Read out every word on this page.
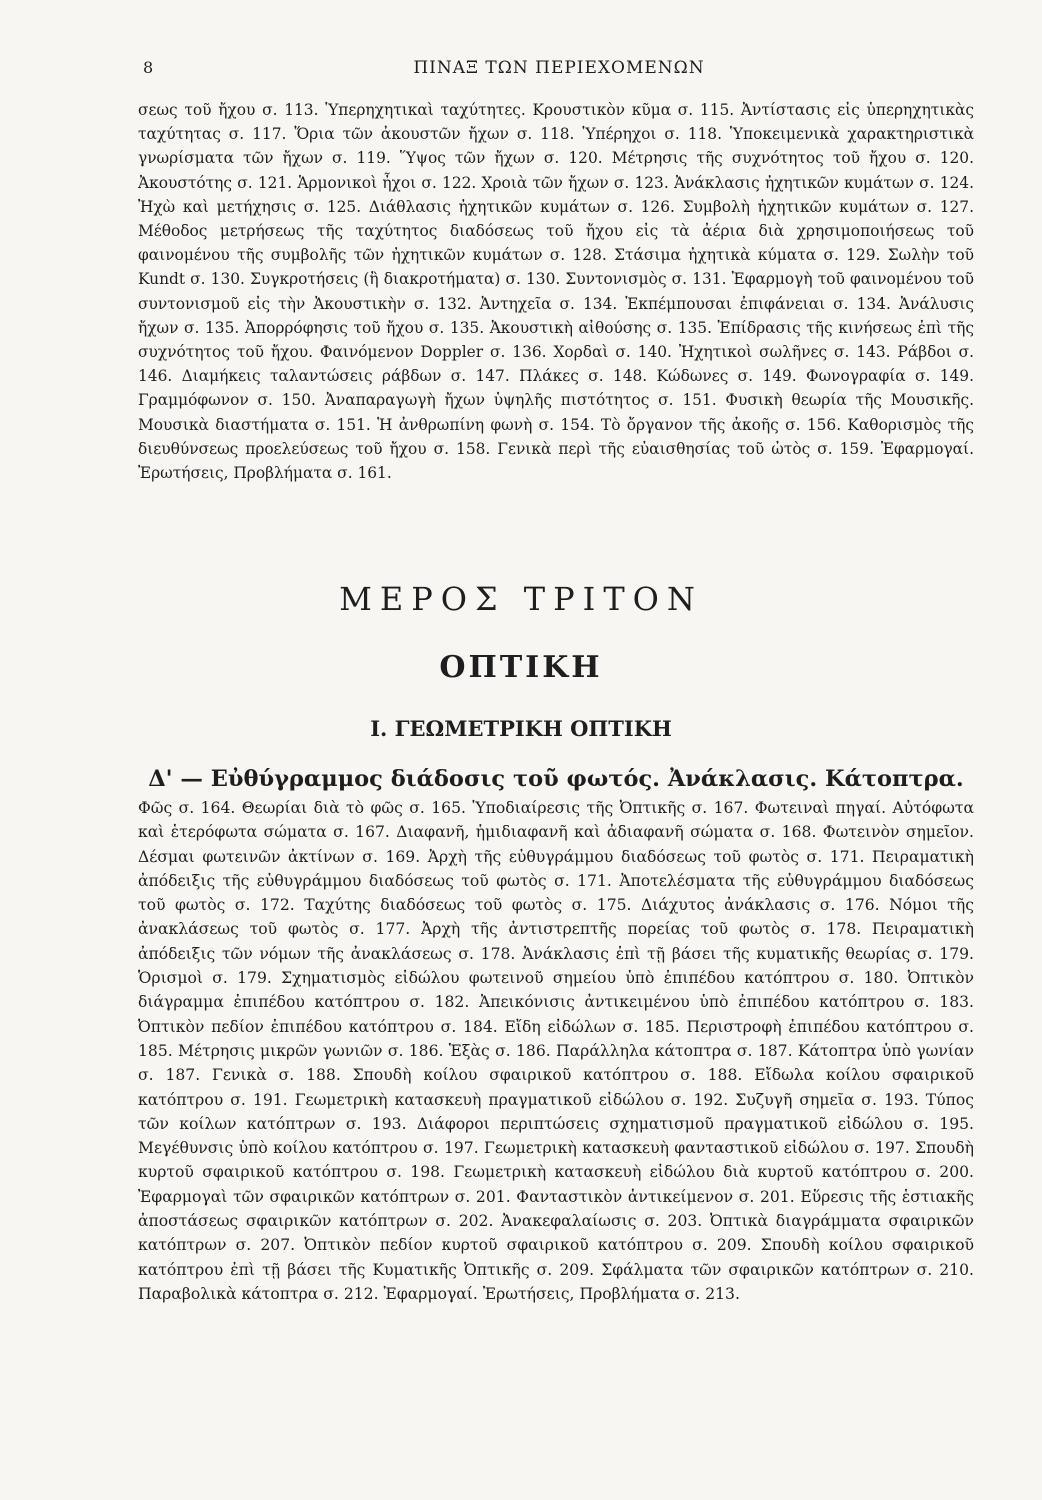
8	ΠΙΝΑΞ ΤΩΝ ΠΕΡΙΕΧΟΜΕΝΩΝ

σεως τοῦ ἤχου σ. 113. Ὑπερηχητικαὶ ταχύτητες. Κρουστικὸν κῦμα σ. 115. Ἀντίστασις εἰς ὑπερηχητικὰς ταχύτητας σ. 117. Ὅρια τῶν ἀκουστῶν ἤχων σ. 118. Ὑπέρηχοι σ. 118. Ὑποκειμενικὰ χαρακτηριστικὰ γνωρίσματα τῶν ἤχων σ. 119. Ὕψος τῶν ἤχων σ. 120. Μέτρησις τῆς συχνότητος τοῦ ἤχου σ. 120. Ἀκουστότης σ. 121. Ἁρμονικοὶ ἦχοι σ. 122. Χροιὰ τῶν ἤχων σ. 123. Ἀνάκλασις ἠχητικῶν κυμάτων σ. 124. Ἠχὼ καὶ μετήχησις σ. 125. Διάθλασις ἠχητικῶν κυμάτων σ. 126. Συμβολὴ ἠχητικῶν κυμάτων σ. 127. Μέθοδος μετρήσεως τῆς ταχύτητος διαδόσεως τοῦ ἤχου εἰς τὰ ἀέρια διὰ χρησιμοποιήσεως τοῦ φαινομένου τῆς συμβολῆς τῶν ἠχητικῶν κυμάτων σ. 128. Στάσιμα ἠχητικὰ κύματα σ. 129. Σωλὴν τοῦ Kundt σ. 130. Συγκροτήσεις (ἢ διακροτήματα) σ. 130. Συντονισμὸς σ. 131. Ἐφαρμογὴ τοῦ φαινομένου τοῦ συντονισμοῦ εἰς τὴν Ἀκουστικὴν σ. 132. Ἀντηχεῖα σ. 134. Ἐκπέμπουσαι ἐπιφάνειαι σ. 134. Ἀνάλυσις ἤχων σ. 135. Ἀπορρόφησις τοῦ ἤχου σ. 135. Ἀκουστικὴ αἰθούσης σ. 135. Ἐπίδρασις τῆς κινήσεως ἐπὶ τῆς συχνότητος τοῦ ἤχου. Φαινόμενον Doppler σ. 136. Χορδαὶ σ. 140. Ἠχητικοὶ σωλῆνες σ. 143. Ράβδοι σ. 146. Διαμήκεις ταλαντώσεις ράβδων σ. 147. Πλάκες σ. 148. Κώδωνες σ. 149. Φωνογραφία σ. 149. Γραμμόφωνον σ. 150. Ἀναπαραγωγὴ ἤχων ὑψηλῆς πιστότητος σ. 151. Φυσικὴ θεωρία τῆς Μουσικῆς. Μουσικὰ διαστήματα σ. 151. Ἡ ἀνθρωπίνη φωνὴ σ. 154. Τὸ ὄργανον τῆς ἀκοῆς σ. 156. Καθορισμὸς τῆς διευθύνσεως προελεύσεως τοῦ ἤχου σ. 158. Γενικὰ περὶ τῆς εὐαισθησίας τοῦ ὠτὸς σ. 159. Ἐφαρμογαί. Ἐρωτήσεις, Προβλήματα σ. 161.

ΜΕΡΟΣ ΤΡΙΤΟΝ
ΟΠΤΙΚΗ
Ι. ΓΕΩΜΕΤΡΙΚΗ ΟΠΤΙΚΗ
Δ' — Εὐθύγραμμος διάδοσις τοῦ φωτός. Ἀνάκλασις. Κάτοπτρα.

Φῶς σ. 164. Θεωρίαι διὰ τὸ φῶς σ. 165. Ὑποδιαίρεσις τῆς Ὀπτικῆς σ. 167. Φωτειναὶ πηγαί. Αὐτόφωτα καὶ ἑτερόφωτα σώματα σ. 167. Διαφανῆ, ἡμιδιαφανῆ καὶ ἀδιαφανῆ σώματα σ. 168. Φωτεινὸν σημεῖον. Δέσμαι φωτεινῶν ἀκτίνων σ. 169. Ἀρχὴ τῆς εὐθυγράμμου διαδόσεως τοῦ φωτὸς σ. 171. Πειραματικὴ ἀπόδειξις τῆς εὐθυγράμμου διαδόσεως τοῦ φωτὸς σ. 171. Ἀποτελέσματα τῆς εὐθυγράμμου διαδόσεως τοῦ φωτὸς σ. 172. Ταχύτης διαδόσεως τοῦ φωτὸς σ. 175. Διάχυτος ἀνάκλασις σ. 176. Νόμοι τῆς ἀνακλάσεως τοῦ φωτὸς σ. 177. Ἀρχὴ τῆς ἀντιστρεπτῆς πορείας τοῦ φωτὸς σ. 178. Πειραματικὴ ἀπόδειξις τῶν νόμων τῆς ἀνακλάσεως σ. 178. Ἀνάκλασις ἐπὶ τῇ βάσει τῆς κυματικῆς θεωρίας σ. 179. Ὁρισμοὶ σ. 179. Σχηματισμὸς εἰδώλου φωτεινοῦ σημείου ὑπὸ ἐπιπέδου κατόπτρου σ. 180. Ὀπτικὸν διάγραμμα ἐπιπέδου κατόπτρου σ. 182. Ἀπεικόνισις ἀντικειμένου ὑπὸ ἐπιπέδου κατόπτρου σ. 183. Ὀπτικὸν πεδίον ἐπιπέδου κατόπτρου σ. 184. Εἴδη εἰδώλων σ. 185. Περιστροφὴ ἐπιπέδου κατόπτρου σ. 185. Μέτρησις μικρῶν γωνιῶν σ. 186. Ἑξὰς σ. 186. Παράλληλα κάτοπτρα σ. 187. Κάτοπτρα ὑπὸ γωνίαν σ. 187. Γενικὰ σ. 188. Σπουδὴ κοίλου σφαιρικοῦ κατόπτρου σ. 188. Εἴδωλα κοίλου σφαιρικοῦ κατόπτρου σ. 191. Γεωμετρικὴ κατασκευὴ πραγματικοῦ εἰδώλου σ. 192. Συζυγῆ σημεῖα σ. 193. Τύπος τῶν κοίλων κατόπτρων σ. 193. Διάφοροι περιπτώσεις σχηματισμοῦ πραγματικοῦ εἰδώλου σ. 195. Μεγέθυνσις ὑπὸ κοίλου κατόπτρου σ. 197. Γεωμετρικὴ κατασκευὴ φανταστικοῦ εἰδώλου σ. 197. Σπουδὴ κυρτοῦ σφαιρικοῦ κατόπτρου σ. 198. Γεωμετρικὴ κατασκευὴ εἰδώλου διὰ κυρτοῦ κατόπτρου σ. 200. Ἐφαρμογαὶ τῶν σφαιρικῶν κατόπτρων σ. 201. Φανταστικὸν ἀντικείμενον σ. 201. Εὕρεσις τῆς ἑστιακῆς ἀποστάσεως σφαιρικῶν κατόπτρων σ. 202. Ἀνακεφαλαίωσις σ. 203. Ὀπτικὰ διαγράμματα σφαιρικῶν κατόπτρων σ. 207. Ὀπτικὸν πεδίον κυρτοῦ σφαιρικοῦ κατόπτρου σ. 209. Σπουδὴ κοίλου σφαιρικοῦ κατόπτρου ἐπὶ τῇ βάσει τῆς Κυματικῆς Ὀπτικῆς σ. 209. Σφάλματα τῶν σφαιρικῶν κατόπτρων σ. 210. Παραβολικὰ κάτοπτρα σ. 212. Ἐφαρμογαί. Ἐρωτήσεις, Προβλήματα σ. 213.
